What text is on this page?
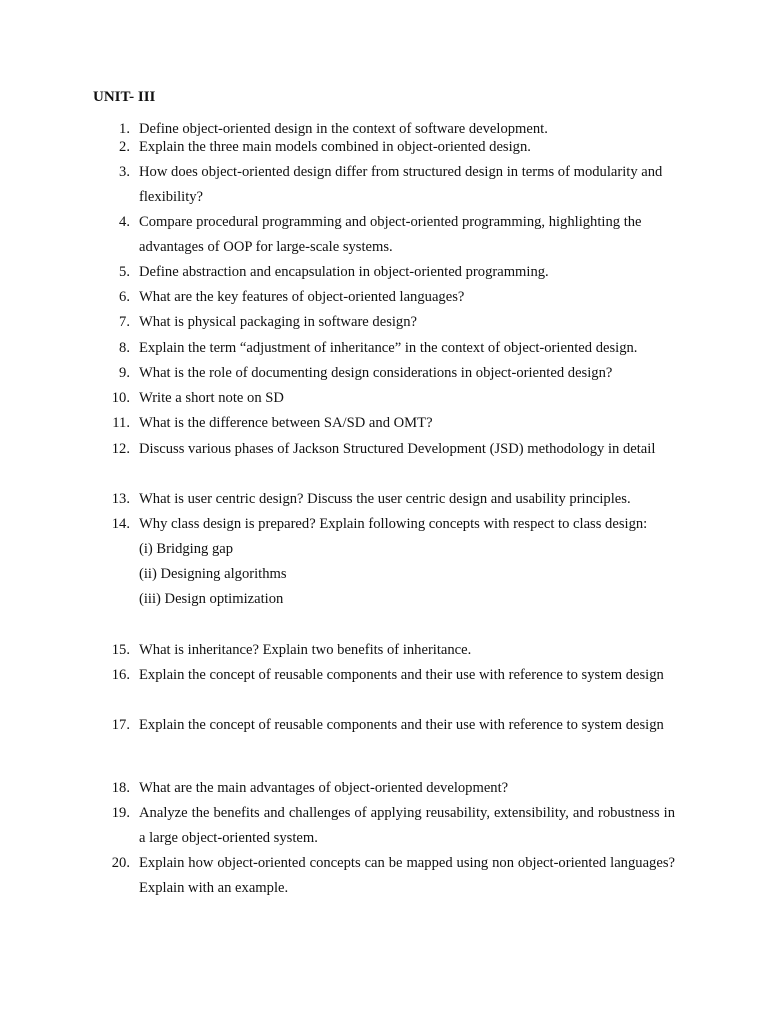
UNIT- III
1. Define object-oriented design in the context of software development.
2. Explain the three main models combined in object-oriented design.
3. How does object-oriented design differ from structured design in terms of modularity and flexibility?
4. Compare procedural programming and object-oriented programming, highlighting the advantages of OOP for large-scale systems.
5. Define abstraction and encapsulation in object-oriented programming.
6. What are the key features of object-oriented languages?
7. What is physical packaging in software design?
8. Explain the term “adjustment of inheritance” in the context of object-oriented design.
9. What is the role of documenting design considerations in object-oriented design?
10. Write a short note on SD
11. What is the difference between SA/SD and OMT?
12. Discuss various phases of Jackson Structured Development (JSD) methodology in detail
13. What is user centric design? Discuss the user centric design and usability principles.
14. Why class design is prepared? Explain following concepts with respect to class design:
(i) Bridging gap
(ii) Designing algorithms
(iii) Design optimization
15. What is inheritance? Explain two benefits of inheritance.
16. Explain the concept of reusable components and their use with reference to system design
17. Explain the concept of reusable components and their use with reference to system design
18. What are the main advantages of object-oriented development?
19. Analyze the benefits and challenges of applying reusability, extensibility, and robustness in a large object-oriented system.
20. Explain how object-oriented concepts can be mapped using non object-oriented languages? Explain with an example.
